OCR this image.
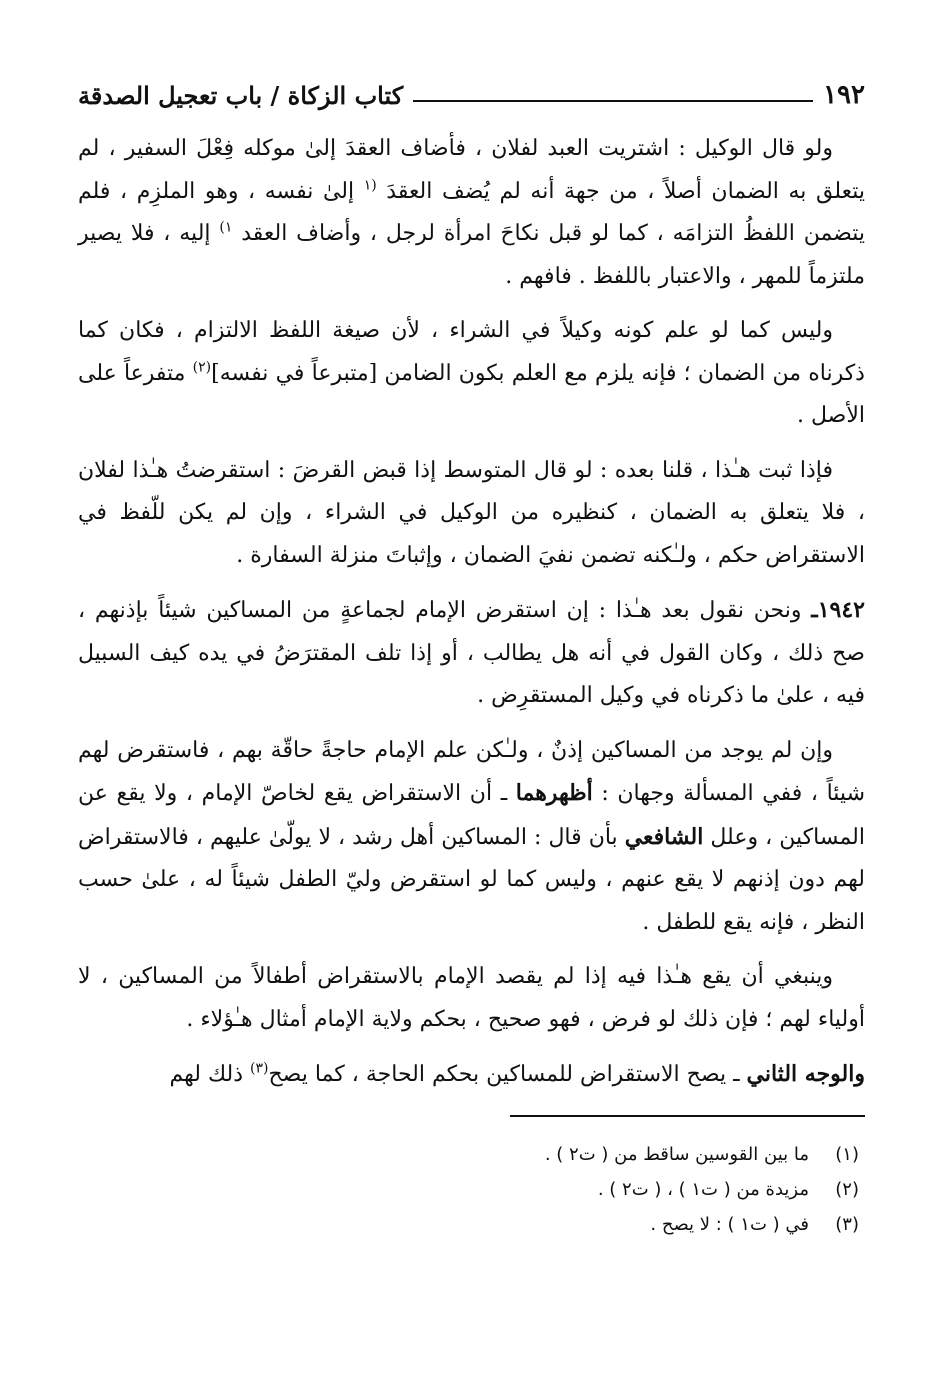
١٩٢
كتاب الزكاة / باب تعجيل الصدقة

ولو قال الوكيل : اشتريت العبد لفلان ، فأضاف العقدَ إلىٰ موكله فِعْلَ السفير ، لم يتعلق به الضمان أصلاً ، من جهة أنه لم يُضف العقدَ $^{(١}$ إلىٰ نفسه ، وهو الملزِم ، فلم يتضمن اللفظُ التزامَه ، كما لو قبل نكاحَ امرأة لرجل ، وأضاف العقد $^{١)}$ إليه ، فلا يصير ملتزماً للمهر ، والاعتبار باللفظ . فافهم .

وليس كما لو علم كونه وكيلاً في الشراء ، لأن صيغة اللفظ الالتزام ، فكان كما ذكرناه من الضمان ؛ فإنه يلزم مع العلم بكون الضامن [متبرعاً في نفسه]$^{(٢)}$ متفرعاً على الأصل .

فإذا ثبت هـٰذا ، قلنا بعده : لو قال المتوسط إذا قبض القرضَ : استقرضتُ هـٰذا لفلان ، فلا يتعلق به الضمان ، كنظيره من الوكيل في الشراء ، وإن لم يكن للّفظ في الاستقراض حكم ، ولـٰكنه تضمن نفيَ الضمان ، وإثباتَ منزلة السفارة .

١٩٤٢ـ ونحن نقول بعد هـٰذا : إن استقرض الإمام لجماعةٍ من المساكين شيئاً بإذنهم ، صح ذلك ، وكان القول في أنه هل يطالب ، أو إذا تلف المقترَضُ في يده كيف السبيل فيه ، علىٰ ما ذكرناه في وكيل المستقرِض .

وإن لم يوجد من المساكين إذنٌ ، ولـٰكن علم الإمام حاجةً حاقّة بهم ، فاستقرض لهم شيئاً ، ففي المسألة وجهان : أظهرهما ـ أن الاستقراض يقع لخاصّ الإمام ، ولا يقع عن المساكين ، وعلل الشافعي بأن قال : المساكين أهل رشد ، لا يولّىٰ عليهم ، فالاستقراض لهم دون إذنهم لا يقع عنهم ، وليس كما لو استقرض وليّ الطفل شيئاً له ، علىٰ حسب النظر ، فإنه يقع للطفل .

وينبغي أن يقع هـٰذا فيه إذا لم يقصد الإمام بالاستقراض أطفالاً من المساكين ، لا أولياء لهم ؛ فإن ذلك لو فرض ، فهو صحيح ، بحكم ولاية الإمام أمثال هـٰؤلاء .

والوجه الثاني ـ يصح الاستقراض للمساكين بحكم الحاجة ، كما يصح$^{(٣)}$ ذلك لهم

(١)
ما بين القوسين ساقط من ( ت٢ ) .
(٢)
مزيدة من ( ت١ ) ، ( ت٢ ) .
(٣)
في ( ت١ ) : لا يصح .
